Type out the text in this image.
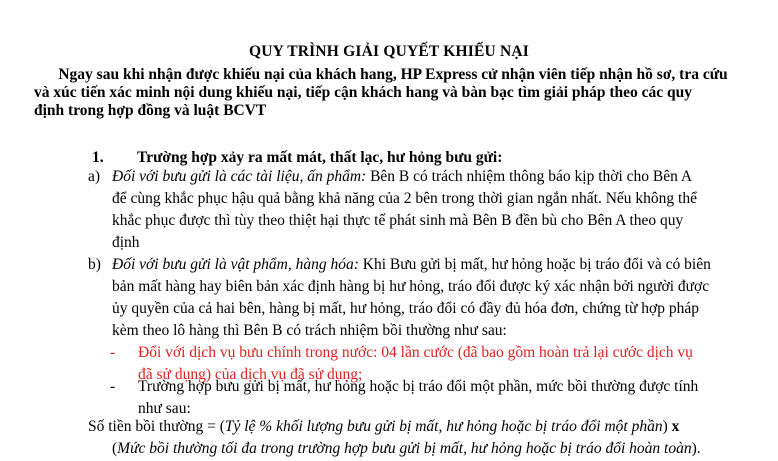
QUY TRÌNH GIẢI QUYẾT KHIẾU NẠI
Ngay sau khi nhận được khiếu nại của khách hang, HP Express cử nhận viên tiếp nhận hồ sơ, tra cứu
và xúc tiến xác minh nội dung khiếu nại, tiếp cận khách hang và bàn bạc tìm giải pháp theo các quy
định trong hợp đồng và luật BCVT
1. Trường hợp xảy ra mất mát, thất lạc, hư hỏng bưu gửi:
a) Đối với bưu gửi là các tài liệu, ấn phẩm: Bên B có trách nhiệm thông báo kịp thời cho Bên A
để cùng khắc phục hậu quả bằng khả năng của 2 bên trong thời gian ngắn nhất. Nếu không thể
khắc phục được thì tùy theo thiệt hại thực tế phát sinh mà Bên B đền bù cho Bên A theo quy
định
b) Đối với bưu gửi là vật phẩm, hàng hóa: Khi Bưu gửi bị mất, hư hỏng hoặc bị tráo đổi và có biên
bản mất hàng hay biên bản xác định hàng bị hư hỏng, tráo đổi được ký xác nhận bởi người được
ủy quyền của cả hai bên, hàng bị mất, hư hỏng, tráo đổi có đầy đủ hóa đơn, chứng từ hợp pháp
kèm theo lô hàng thì Bên B có trách nhiệm bồi thường như sau:
-	Đối với dịch vụ bưu chính trong nước: 04 lần cước (đã bao gồm hoàn trả lại cước dịch vụ
đã sử dụng) của dịch vụ đã sử dụng;
-	Trường hợp bưu gửi bị mất, hư hỏng hoặc bị tráo đổi một phần, mức bồi thường được tính
như sau:
Số tiền bồi thường = (Tỷ lệ % khối lượng bưu gửi bị mất, hư hỏng hoặc bị tráo đổi một phần) x
(Mức bồi thường tối đa trong trường hợp bưu gửi bị mất, hư hỏng hoặc bị tráo đổi hoàn toàn).
